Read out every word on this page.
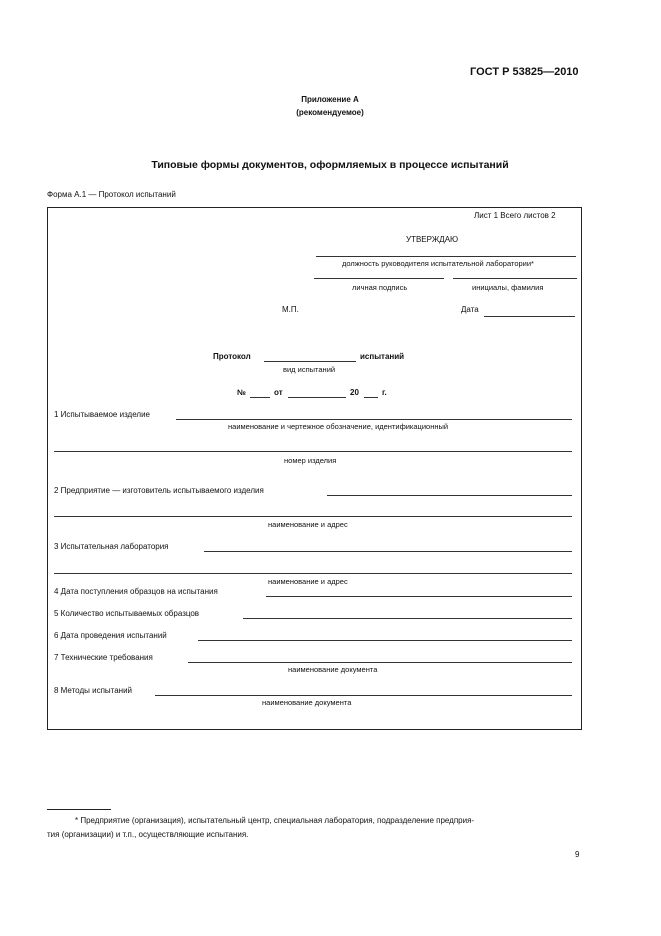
ГОСТ Р 53825—2010
Приложение А
(рекомендуемое)
Типовые формы документов, оформляемых в процессе испытаний
Форма А.1 — Протокол испытаний
Лист 1 Всего листов 2
УТВЕРЖДАЮ
должность руководителя испытательной лаборатории*
личная подпись	инициалы, фамилия
М.П.	Дата
Протокол	испытаний
вид испытаний
№	от	20	г.
1 Испытываемое изделие
наименование и чертежное обозначение, идентификационный
номер изделия
2 Предприятие — изготовитель испытываемого изделия
наименование и адрес
3 Испытательная лаборатория
наименование и адрес
4 Дата поступления образцов на испытания
5 Количество испытываемых образцов
6 Дата проведения испытаний
7 Технические требования
наименование документа
8 Методы испытаний
наименование документа
* Предприятие (организация), испытательный центр, специальная лаборатория, подразделение предприя-
тия (организации) и т.п., осуществляющие испытания.
9
